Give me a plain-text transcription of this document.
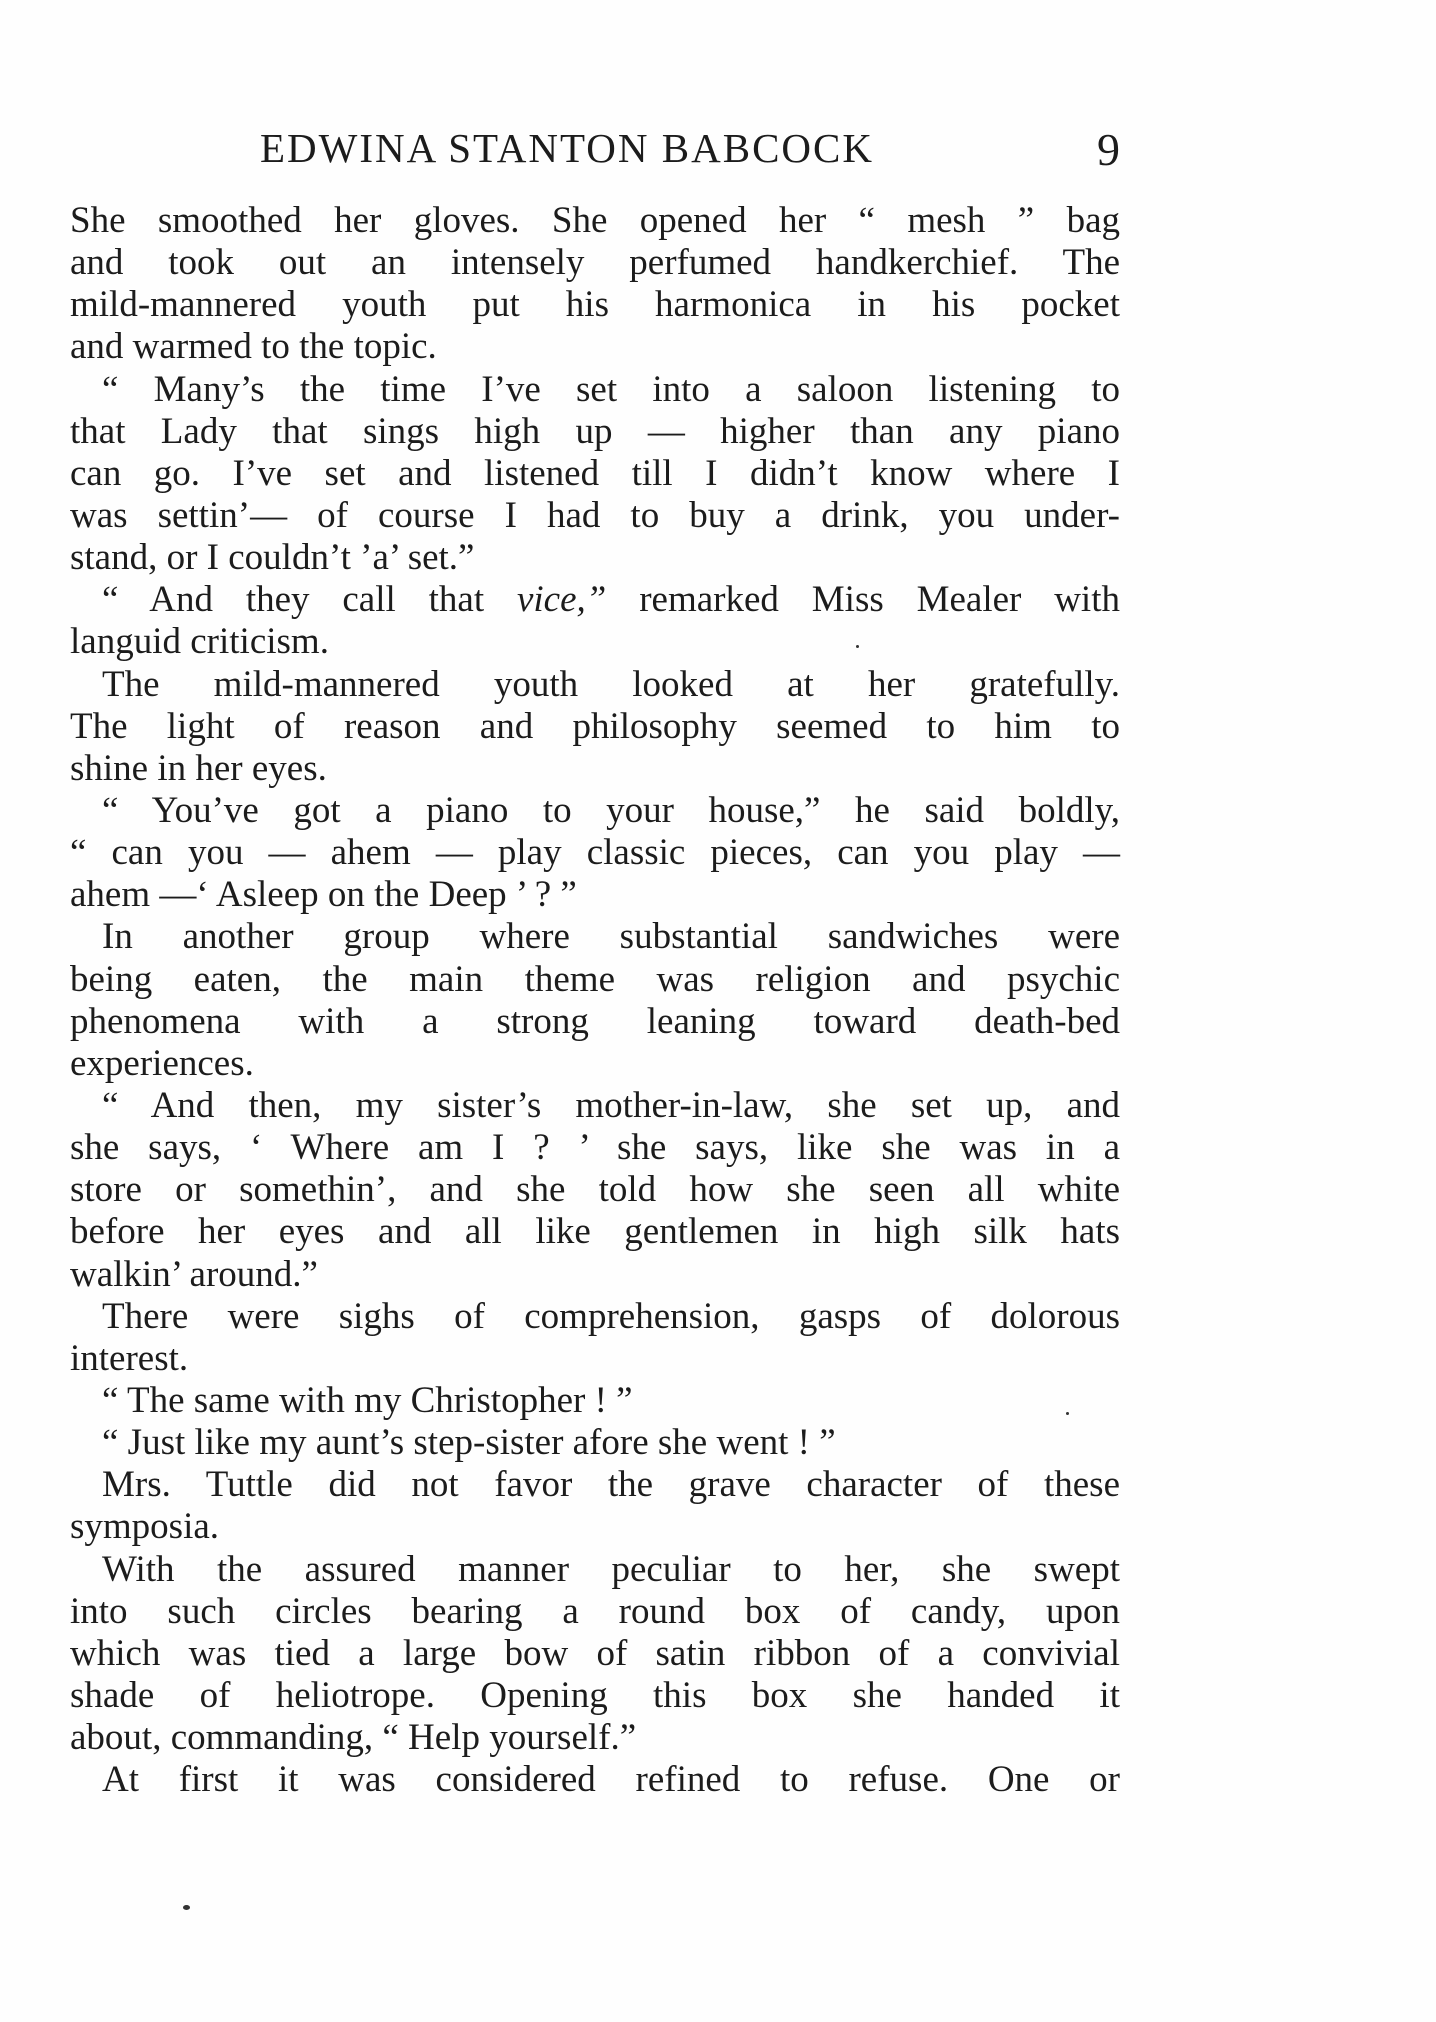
EDWINA STANTON BABCOCK	9
She smoothed her gloves. She opened her “ mesh ” bag
and took out an intensely perfumed handkerchief. The
mild-mannered youth put his harmonica in his pocket
and warmed to the topic.
“ Many’s the time I’ve set into a saloon listening to
that Lady that sings high up — higher than any piano
can go. I’ve set and listened till I didn’t know where I
was settin’— of course I had to buy a drink, you under-
stand, or I couldn’t ’a’ set.”
“ And they call that vice,” remarked Miss Mealer with
languid criticism.
The mild-mannered youth looked at her gratefully.
The light of reason and philosophy seemed to him to
shine in her eyes.
“ You’ve got a piano to your house,” he said boldly,
“ can you — ahem — play classic pieces, can you play —
ahem —‘ Asleep on the Deep ’ ? ”
In another group where substantial sandwiches were
being eaten, the main theme was religion and psychic
phenomena with a strong leaning toward death-bed
experiences.
“ And then, my sister’s mother-in-law, she set up, and
she says, ‘ Where am I ? ’ she says, like she was in a
store or somethin’, and she told how she seen all white
before her eyes and all like gentlemen in high silk hats
walkin’ around.”
There were sighs of comprehension, gasps of dolorous
interest.
“ The same with my Christopher ! ”
“ Just like my aunt’s step-sister afore she went ! ”
Mrs. Tuttle did not favor the grave character of these
symposia.
With the assured manner peculiar to her, she swept
into such circles bearing a round box of candy, upon
which was tied a large bow of satin ribbon of a convivial
shade of heliotrope. Opening this box she handed it
about, commanding, “ Help yourself.”
At first it was considered refined to refuse. One or
